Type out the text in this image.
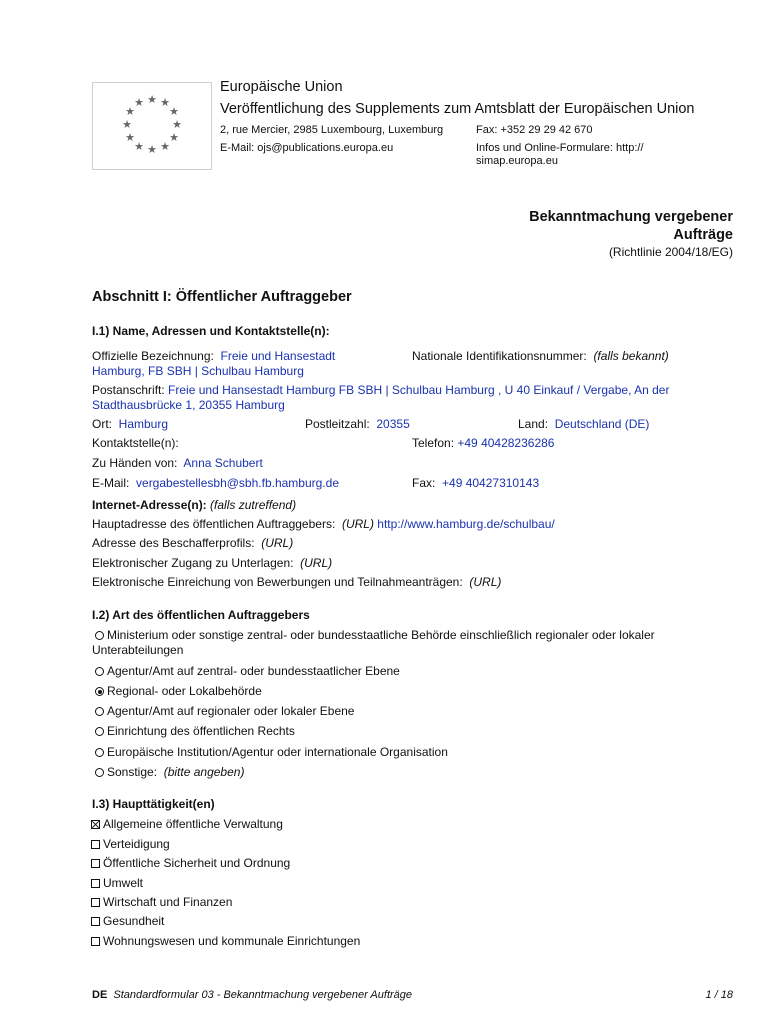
★ ★
★
★
★
★
★
★
★
★
★
★
Europäische Union
Veröffentlichung des Supplements zum Amtsblatt der Europäischen Union
2, rue Mercier, 2985 Luxembourg, Luxemburg	Fax: +352 29 29 42 670
E-Mail: ojs@publications.europa.eu	Infos und Online-Formulare: http://
simap.europa.eu
Bekanntmachung vergebener
Aufträge
(Richtlinie 2004/18/EG)
Abschnitt I: Öffentlicher Auftraggeber
I.1) Name, Adressen und Kontaktstelle(n):
Offizielle Bezeichnung: Freie und Hansestadt
Hamburg, FB SBH | Schulbau Hamburg
Nationale Identifikationsnummer: (falls bekannt)
Postanschrift: Freie und Hansestadt Hamburg FB SBH | Schulbau Hamburg , U 40 Einkauf / Vergabe, An der
Stadthausbrücke 1, 20355 Hamburg
Ort: Hamburg	Postleitzahl: 20355	Land: Deutschland (DE)
Kontaktstelle(n):	Telefon: +49 40428236286
Zu Händen von: Anna Schubert
E-Mail: vergabestellesbh@sbh.fb.hamburg.de	Fax: +49 40427310143
Internet-Adresse(n): (falls zutreffend)
Hauptadresse des öffentlichen Auftraggebers: (URL) http://www.hamburg.de/schulbau/
Adresse des Beschafferprofils: (URL)
Elektronischer Zugang zu Unterlagen: (URL)
Elektronische Einreichung von Bewerbungen und Teilnahmeanträgen: (URL)
I.2) Art des öffentlichen Auftraggebers
Ministerium oder sonstige zentral- oder bundesstaatliche Behörde einschließlich regionaler oder lokaler
Unterabteilungen
Agentur/Amt auf zentral- oder bundesstaatlicher Ebene
Regional- oder Lokalbehörde
Agentur/Amt auf regionaler oder lokaler Ebene
Einrichtung des öffentlichen Rechts
Europäische Institution/Agentur oder internationale Organisation
Sonstige: (bitte angeben)
I.3) Haupttätigkeit(en)
Allgemeine öffentliche Verwaltung
Verteidigung
Öffentliche Sicherheit und Ordnung
Umwelt
Wirtschaft und Finanzen
Gesundheit
Wohnungswesen und kommunale Einrichtungen
DE Standardformular 03 - Bekanntmachung vergebener Aufträge	1 / 18
